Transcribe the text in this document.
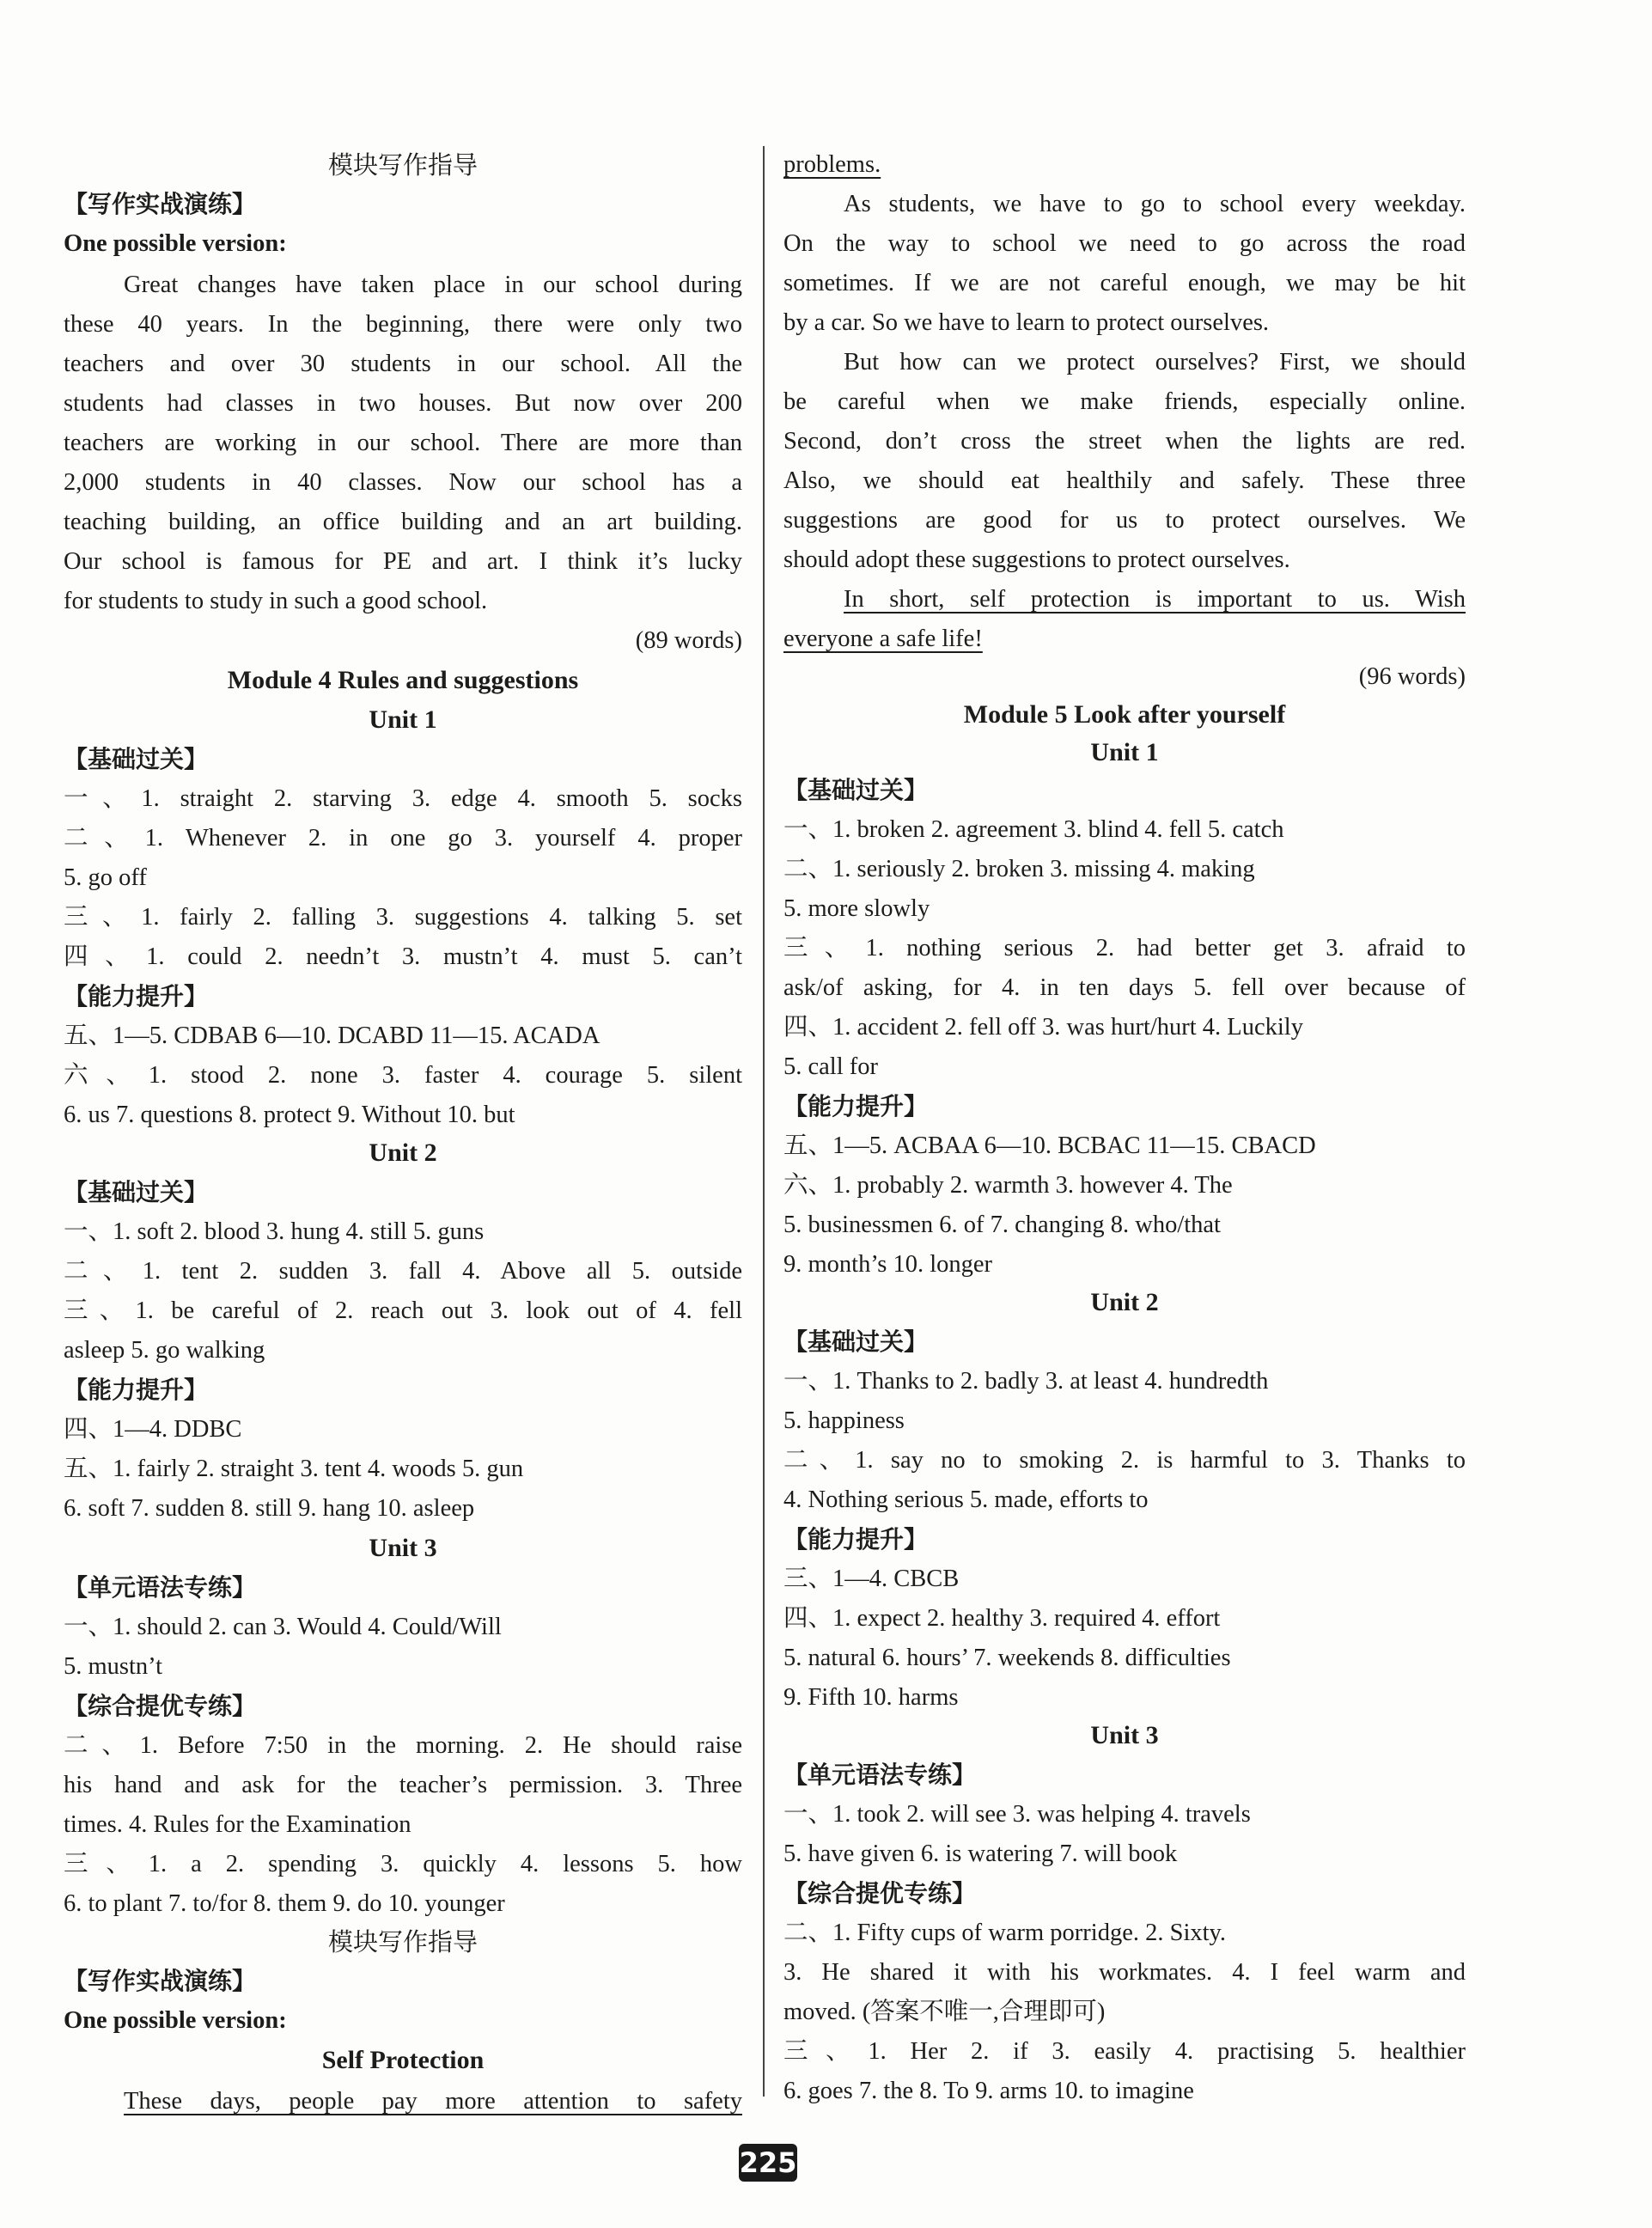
模块写作指导
【写作实战演练】
One possible version:
Great changes have taken place in our school during
these 40 years. In the beginning, there were only two
teachers and over 30 students in our school. All the
students had classes in two houses. But now over 200
teachers are working in our school. There are more than
2,000 students in 40 classes. Now our school has a
teaching building, an office building and an art building.
Our school is famous for PE and art. I think it’s lucky
for students to study in such a good school.
(89 words)
Module 4 Rules and suggestions
Unit 1
【基础过关】
一、1. straight 2. starving 3. edge 4. smooth 5. socks
二、1. Whenever 2. in one go 3. yourself 4. proper
5. go off
三、1. fairly 2. falling 3. suggestions 4. talking 5. set
四、1. could 2. needn’t 3. mustn’t 4. must 5. can’t
【能力提升】
五、1—5. CDBAB 6—10. DCABD 11—15. ACADA
六、1. stood 2. none 3. faster 4. courage 5. silent
6. us 7. questions 8. protect 9. Without 10. but
Unit 2
【基础过关】
一、1. soft 2. blood 3. hung 4. still 5. guns
二、1. tent 2. sudden 3. fall 4. Above all 5. outside
三、1. be careful of 2. reach out 3. look out of 4. fell
asleep 5. go walking
【能力提升】
四、1—4. DDBC
五、1. fairly 2. straight 3. tent 4. woods 5. gun
6. soft 7. sudden 8. still 9. hang 10. asleep
Unit 3
【单元语法专练】
一、1. should 2. can 3. Would 4. Could/Will
5. mustn’t
【综合提优专练】
二、1. Before 7:50 in the morning. 2. He should raise
his hand and ask for the teacher’s permission. 3. Three
times. 4. Rules for the Examination
三、1. a 2. spending 3. quickly 4. lessons 5. how
6. to plant 7. to/for 8. them 9. do 10. younger
模块写作指导
【写作实战演练】
One possible version:
Self Protection
These days, people pay more attention to safety
problems.
As students, we have to go to school every weekday.
On the way to school we need to go across the road
sometimes. If we are not careful enough, we may be hit
by a car. So we have to learn to protect ourselves.
But how can we protect ourselves? First, we should
be careful when we make friends, especially online.
Second, don’t cross the street when the lights are red.
Also, we should eat healthily and safely. These three
suggestions are good for us to protect ourselves. We
should adopt these suggestions to protect ourselves.
In short, self protection is important to us. Wish
everyone a safe life!
(96 words)
Module 5 Look after yourself
Unit 1
【基础过关】
一、1. broken 2. agreement 3. blind 4. fell 5. catch
二、1. seriously 2. broken 3. missing 4. making
5. more slowly
三、1. nothing serious 2. had better get 3. afraid to
ask/of asking, for 4. in ten days 5. fell over because of
四、1. accident 2. fell off 3. was hurt/hurt 4. Luckily
5. call for
【能力提升】
五、1—5. ACBAA 6—10. BCBAC 11—15. CBACD
六、1. probably 2. warmth 3. however 4. The
5. businessmen 6. of 7. changing 8. who/that
9. month’s 10. longer
Unit 2
【基础过关】
一、1. Thanks to 2. badly 3. at least 4. hundredth
5. happiness
二、1. say no to smoking 2. is harmful to 3. Thanks to
4. Nothing serious 5. made, efforts to
【能力提升】
三、1—4. CBCB
四、1. expect 2. healthy 3. required 4. effort
5. natural 6. hours’ 7. weekends 8. difficulties
9. Fifth 10. harms
Unit 3
【单元语法专练】
一、1. took 2. will see 3. was helping 4. travels
5. have given 6. is watering 7. will book
【综合提优专练】
二、1. Fifty cups of warm porridge. 2. Sixty.
3. He shared it with his workmates. 4. I feel warm and
moved. (答案不唯一,合理即可)
三、1. Her 2. if 3. easily 4. practising 5. healthier
6. goes 7. the 8. To 9. arms 10. to imagine
225
